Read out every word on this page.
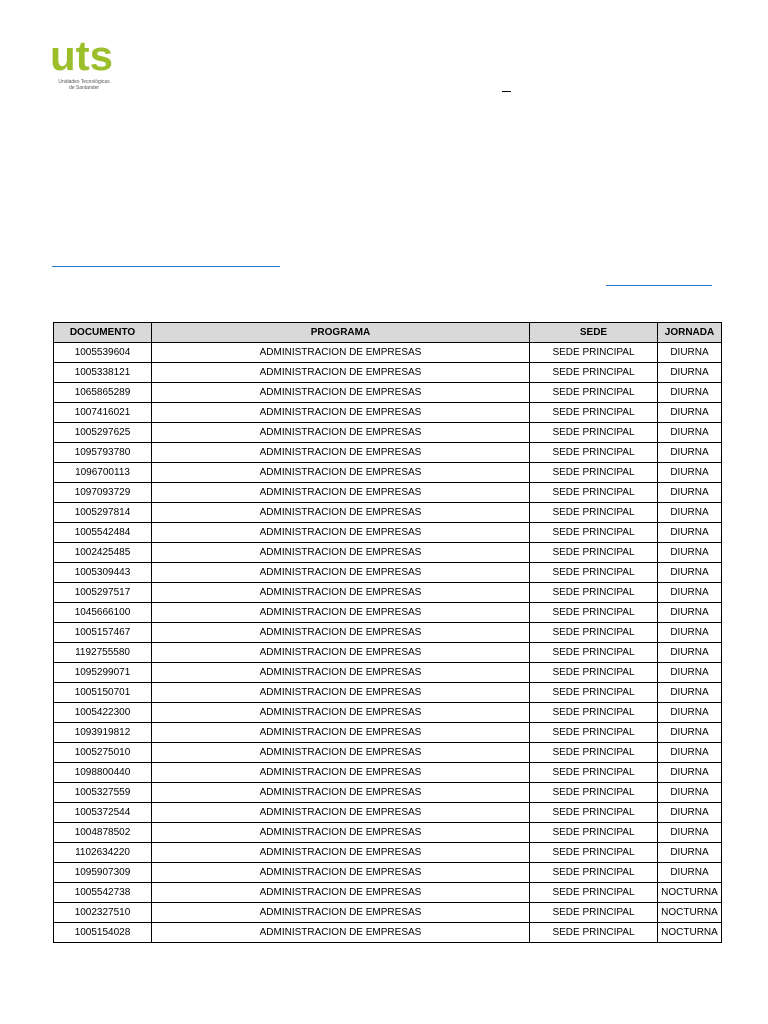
uts
Unidades Tecnológicas
de Santander
DOCUMENTO	PROGRAMA	SEDE	JORNADA
1005539604	ADMINISTRACION DE EMPRESAS	SEDE PRINCIPAL	DIURNA
1005338121	ADMINISTRACION DE EMPRESAS	SEDE PRINCIPAL	DIURNA
1065865289	ADMINISTRACION DE EMPRESAS	SEDE PRINCIPAL	DIURNA
1007416021	ADMINISTRACION DE EMPRESAS	SEDE PRINCIPAL	DIURNA
1005297625	ADMINISTRACION DE EMPRESAS	SEDE PRINCIPAL	DIURNA
1095793780	ADMINISTRACION DE EMPRESAS	SEDE PRINCIPAL	DIURNA
1096700113	ADMINISTRACION DE EMPRESAS	SEDE PRINCIPAL	DIURNA
1097093729	ADMINISTRACION DE EMPRESAS	SEDE PRINCIPAL	DIURNA
1005297814	ADMINISTRACION DE EMPRESAS	SEDE PRINCIPAL	DIURNA
1005542484	ADMINISTRACION DE EMPRESAS	SEDE PRINCIPAL	DIURNA
1002425485	ADMINISTRACION DE EMPRESAS	SEDE PRINCIPAL	DIURNA
1005309443	ADMINISTRACION DE EMPRESAS	SEDE PRINCIPAL	DIURNA
1005297517	ADMINISTRACION DE EMPRESAS	SEDE PRINCIPAL	DIURNA
1045666100	ADMINISTRACION DE EMPRESAS	SEDE PRINCIPAL	DIURNA
1005157467	ADMINISTRACION DE EMPRESAS	SEDE PRINCIPAL	DIURNA
1192755580	ADMINISTRACION DE EMPRESAS	SEDE PRINCIPAL	DIURNA
1095299071	ADMINISTRACION DE EMPRESAS	SEDE PRINCIPAL	DIURNA
1005150701	ADMINISTRACION DE EMPRESAS	SEDE PRINCIPAL	DIURNA
1005422300	ADMINISTRACION DE EMPRESAS	SEDE PRINCIPAL	DIURNA
1093919812	ADMINISTRACION DE EMPRESAS	SEDE PRINCIPAL	DIURNA
1005275010	ADMINISTRACION DE EMPRESAS	SEDE PRINCIPAL	DIURNA
1098800440	ADMINISTRACION DE EMPRESAS	SEDE PRINCIPAL	DIURNA
1005327559	ADMINISTRACION DE EMPRESAS	SEDE PRINCIPAL	DIURNA
1005372544	ADMINISTRACION DE EMPRESAS	SEDE PRINCIPAL	DIURNA
1004878502	ADMINISTRACION DE EMPRESAS	SEDE PRINCIPAL	DIURNA
1102634220	ADMINISTRACION DE EMPRESAS	SEDE PRINCIPAL	DIURNA
1095907309	ADMINISTRACION DE EMPRESAS	SEDE PRINCIPAL	DIURNA
1005542738	ADMINISTRACION DE EMPRESAS	SEDE PRINCIPAL	NOCTURNA
1002327510	ADMINISTRACION DE EMPRESAS	SEDE PRINCIPAL	NOCTURNA
1005154028	ADMINISTRACION DE EMPRESAS	SEDE PRINCIPAL	NOCTURNA
